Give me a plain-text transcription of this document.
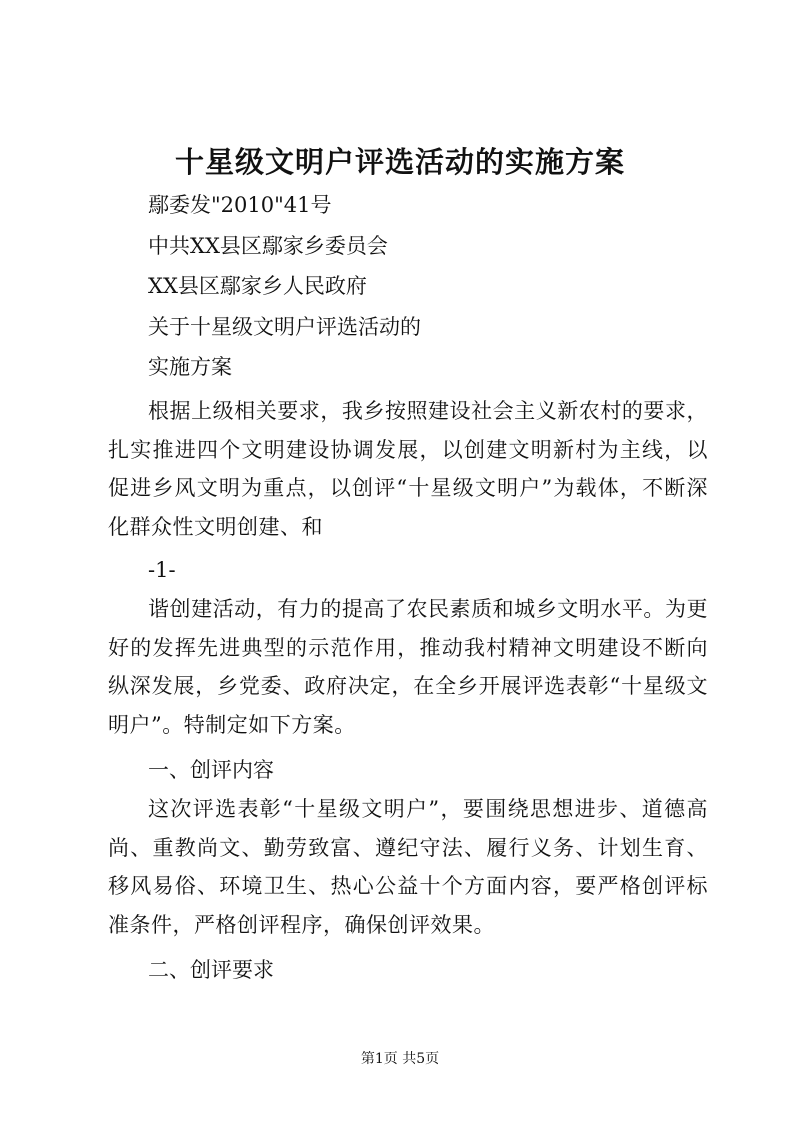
十星级文明户评选活动的实施方案

鄢委发"2010"41号

中共XX县区鄢家乡委员会

XX县区鄢家乡人民政府

关于十星级文明户评选活动的

实施方案

根据上级相关要求，我乡按照建设社会主义新农村的要求，扎实推进四个文明建设协调发展，以创建文明新村为主线，以促进乡风文明为重点，以创评“十星级文明户”为载体，不断深化群众性文明创建、和

-1-

谐创建活动，有力的提高了农民素质和城乡文明水平。为更好的发挥先进典型的示范作用，推动我村精神文明建设不断向纵深发展，乡党委、政府决定，在全乡开展评选表彰“十星级文明户”。特制定如下方案。

一、创评内容

这次评选表彰“十星级文明户”，要围绕思想进步、道德高尚、重教尚文、勤劳致富、遵纪守法、履行义务、计划生育、移风易俗、环境卫生、热心公益十个方面内容，要严格创评标准条件，严格创评程序，确保创评效果。

二、创评要求

第1页 共5页
